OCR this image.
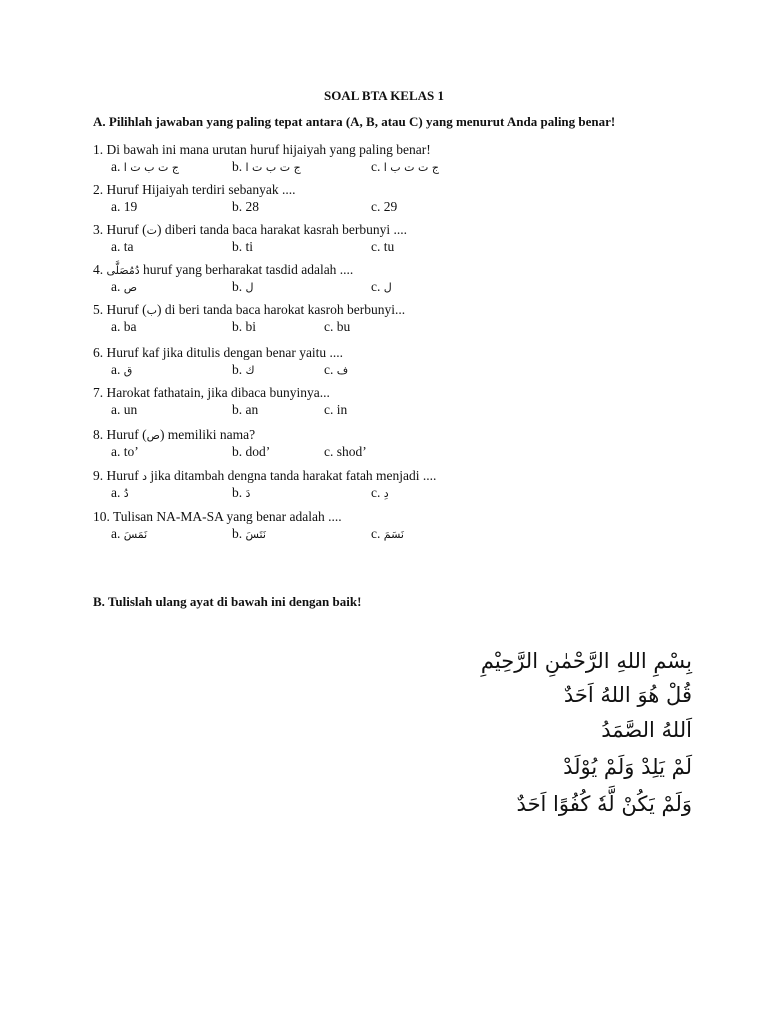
SOAL BTA KELAS 1
A. Pilihlah jawaban yang paling tepat antara (A, B, atau C) yang menurut Anda paling benar!
1. Di bawah ini mana urutan huruf hijaiyah yang paling benar!
a. ج ت ب ت ا	b. ج ت ب ت ا	c. ج ت ت ب ا
2. Huruf Hijaiyah terdiri sebanyak ....
a. 19	b. 28	c. 29
3. Huruf (ت) diberi tanda baca harakat kasrah berbunyi ....
a. ta	b. ti	c. tu
4. دُمُصَلَّى huruf yang berharakat tasdid adalah ....
a. ص	b. ل	c. ل
5. Huruf (ب) di beri tanda baca harokat kasroh berbunyi...
a. ba	b. bi	c. bu
6. Huruf kaf jika ditulis dengan benar yaitu ....
a. ق	b. ك	c. ف
7. Harokat fathatain, jika dibaca bunyinya...
a. un	b. an	c. in
8. Huruf (ص) memiliki nama?
a. to’	b. dod’	c. shod’
9. Huruf د jika ditambah dengna tanda harakat fatah menjadi ....
a. دُ	b. دَ	c. دِ
10. Tulisan NA-MA-SA yang benar adalah ....
a. نَمَسَ	b. نَتَسَ	c. نَسَمَ
B. Tulislah ulang ayat di bawah ini dengan baik!
بِسْمِ اللهِ الرَّحْمٰنِ الرَّحِيْمِ
قُلْ هُوَ اللهُ اَحَدٌ
اَللهُ الصَّمَدُ
لَمْ يَلِدْ وَلَمْ يُوْلَدْ
وَلَمْ يَكُنْ لَّهٗ كُفُوًا اَحَدٌ
